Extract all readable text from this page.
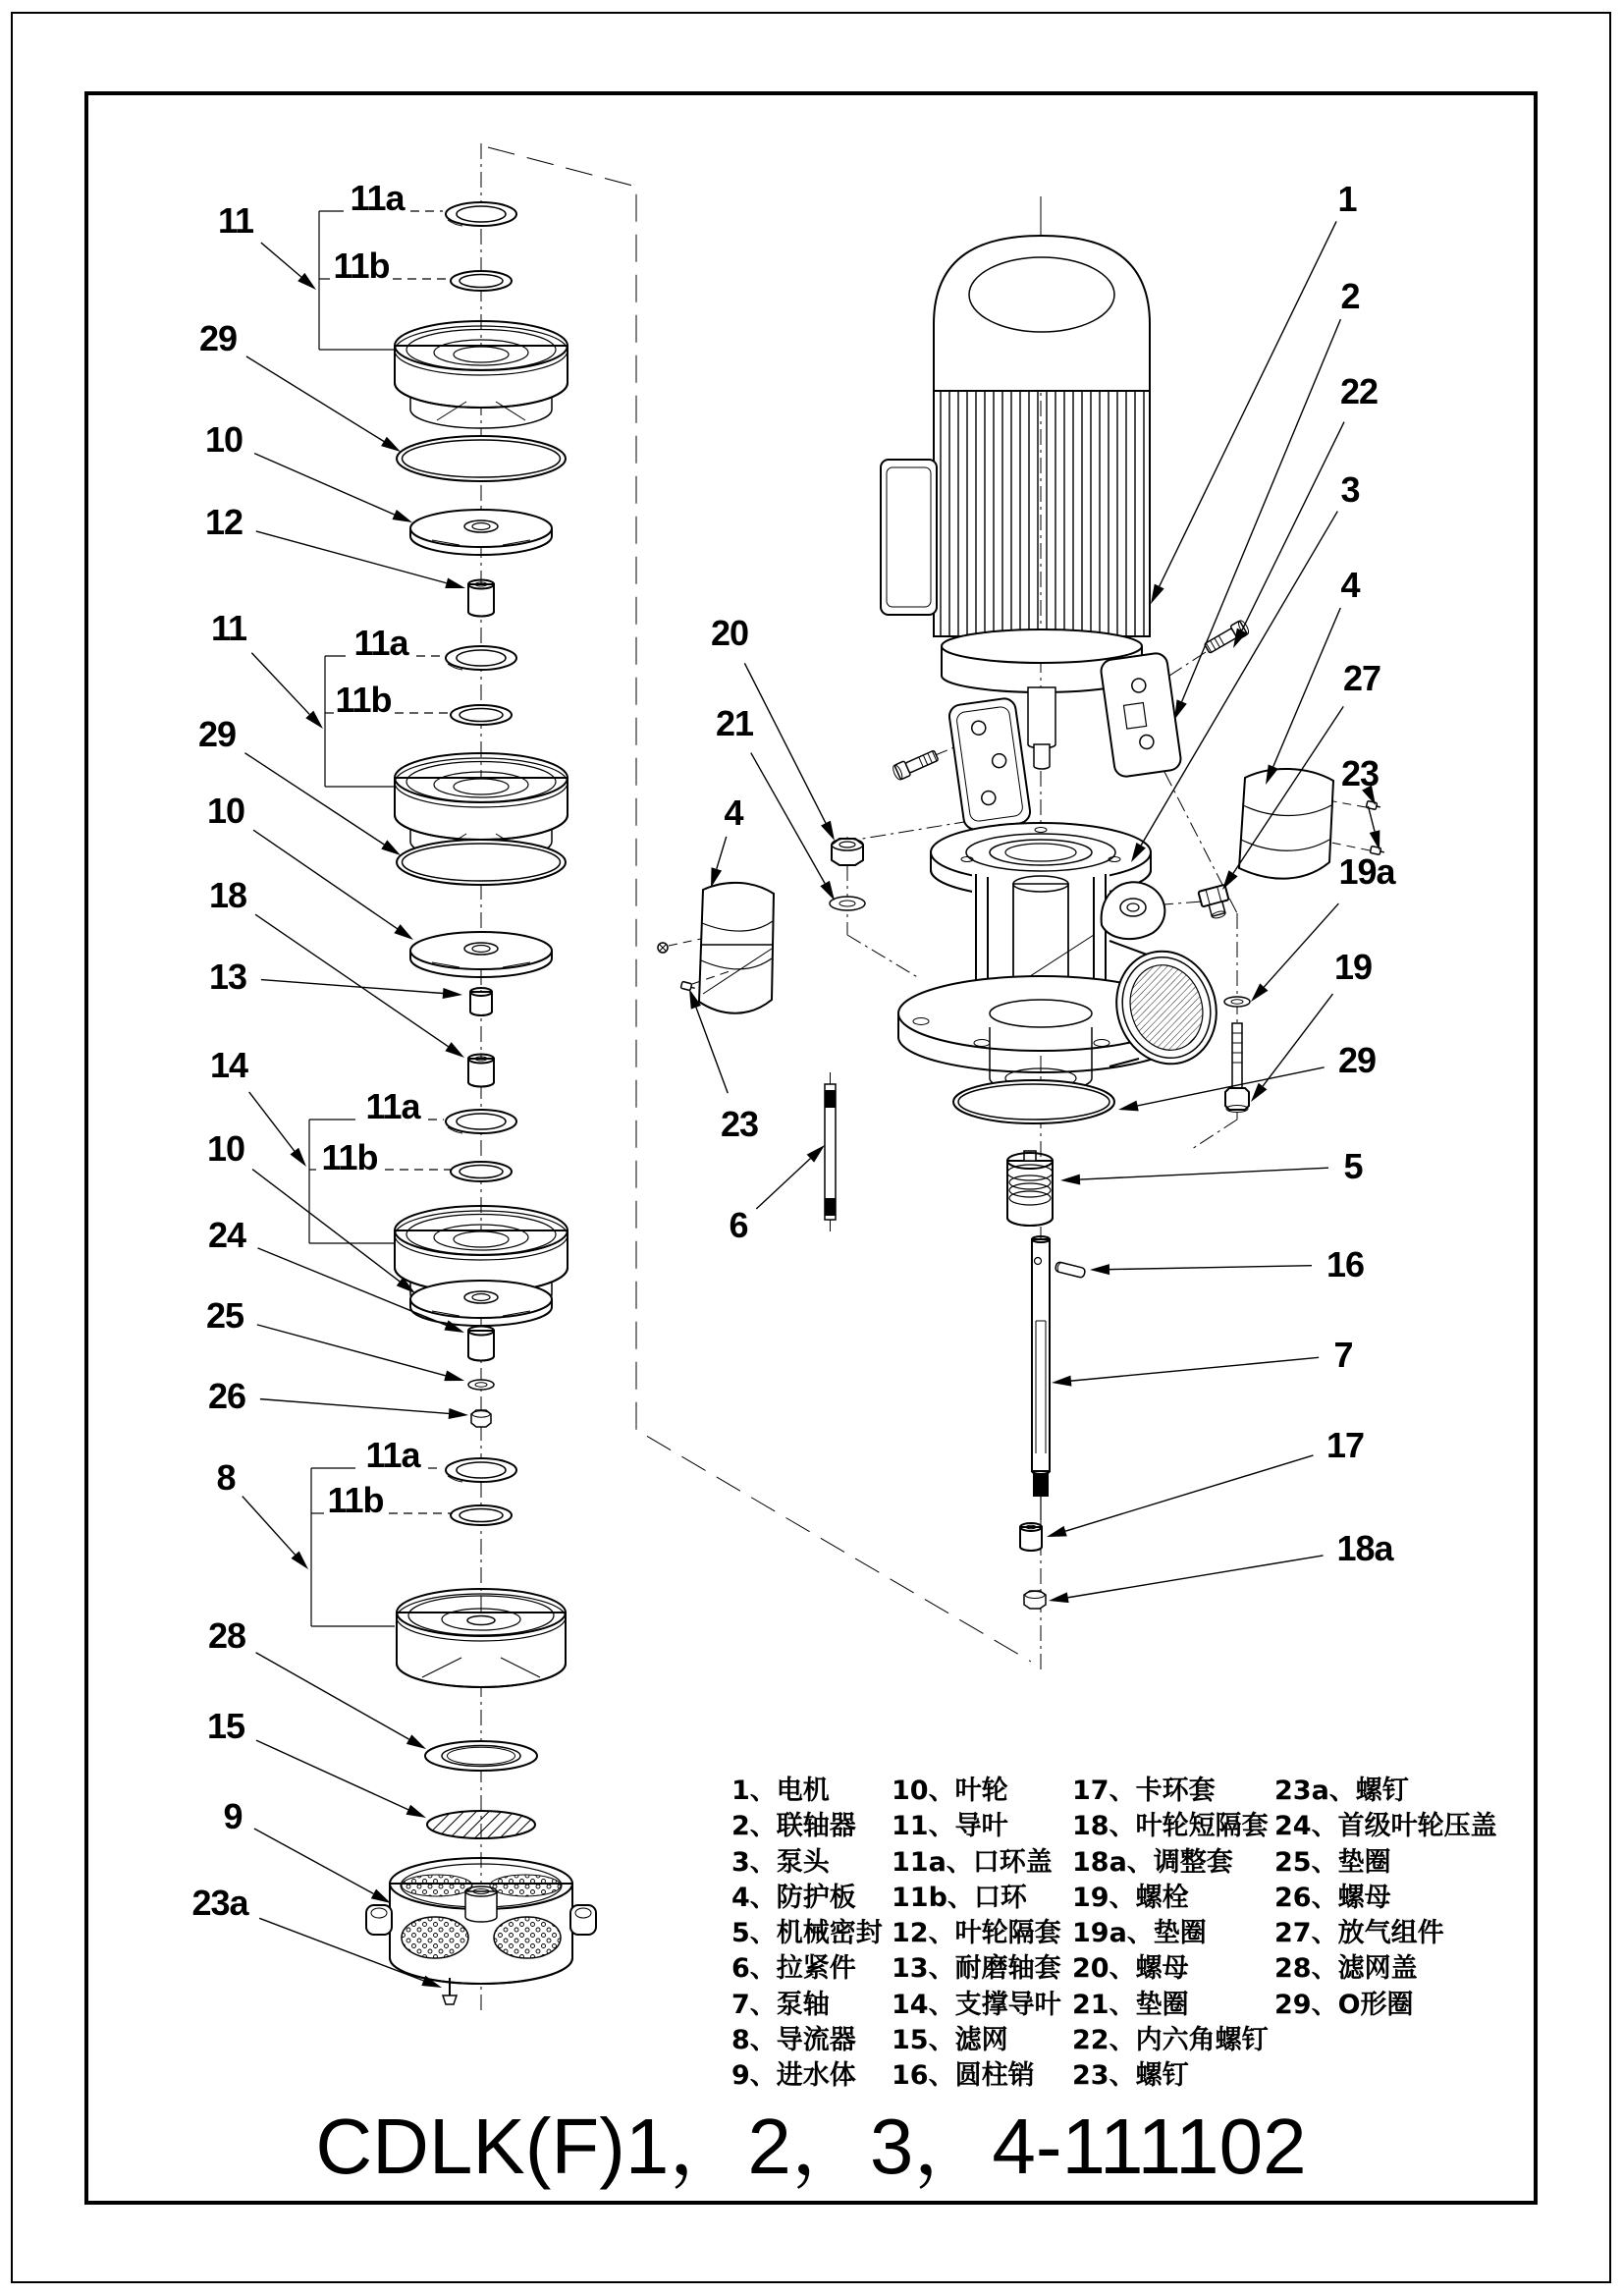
CDLK(F)1，2，3，4-111102
11
11a
11b
29
10
12
11	11a
11b
29
10
18
13
14
11a
10 11b
24
25
26
8
11a
11b
28
15
9
23a
1
2
22
3
4
27
23
19a
19
29
5
16
7
17
18a
20
21
4
23
6
1、电机
2、联轴器
3、泵头
4、防护板
5、机械密封
6、拉紧件
7、泵轴
8、导流器
9、进水体
10、叶轮
11、导叶
11a、口环盖
11b、口环
12、叶轮隔套
13、耐磨轴套
14、支撑导叶
15、滤网
16、圆柱销
17、卡环套
18、叶轮短隔套
18a、调整套
19、螺栓
19a、垫圈
20、螺母
21、垫圈
22、内六角螺钉
23、螺钉
23a、螺钉
24、首级叶轮压盖
25、垫圈
26、螺母
27、放气组件
28、滤网盖
29、O形圈
